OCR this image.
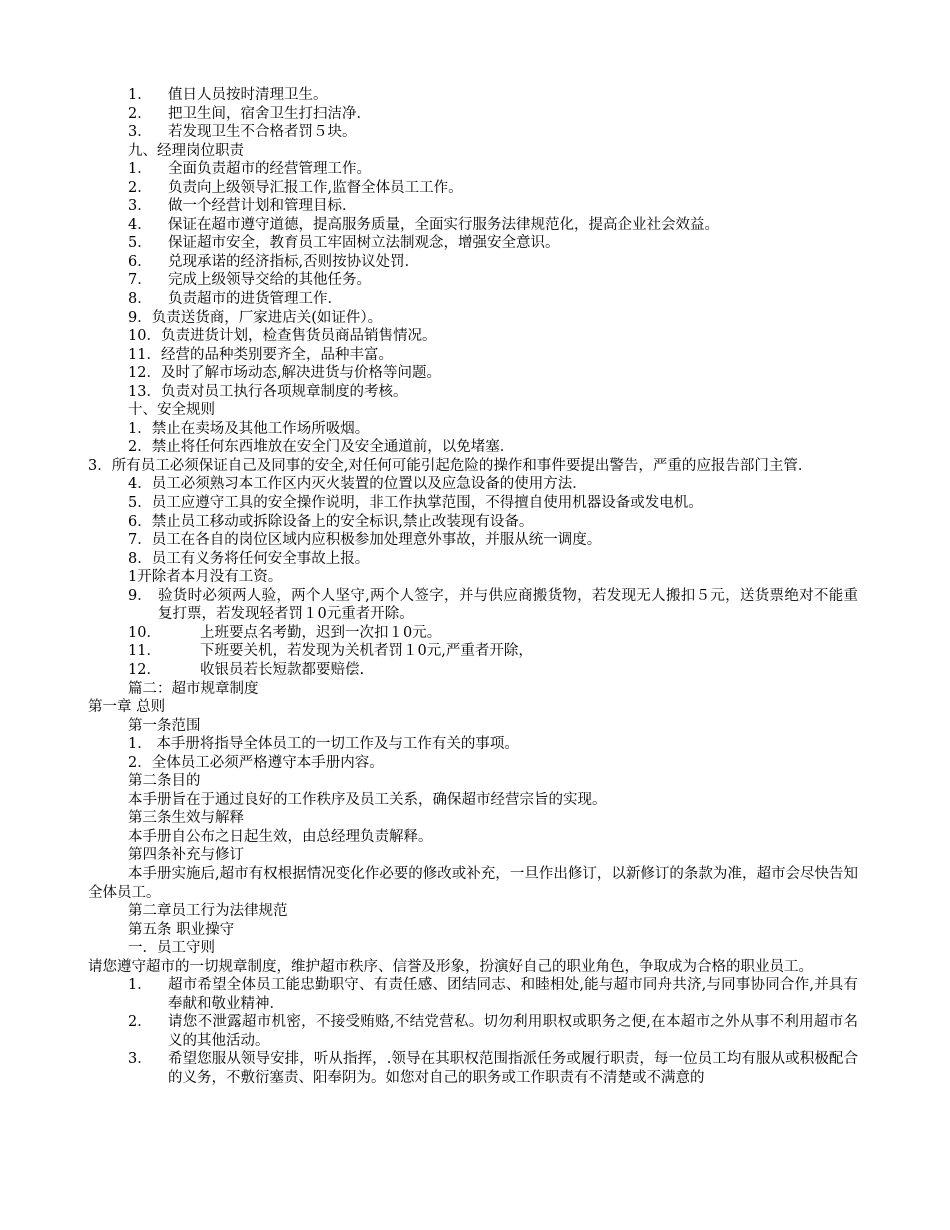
1． 值日人员按时清理卫生。
2． 把卫生间，宿舍卫生打扫洁净．
3． 若发现卫生不合格者罚５块。
九、经理岗位职责
1． 全面负责超市的经营管理工作。
2． 负责向上级领导汇报工作,监督全体员工工作。
3． 做一个经营计划和管理目标．
4． 保证在超市遵守道德，提高服务质量，全面实行服务法律规范化，提高企业社会效益。
5． 保证超市安全，教育员工牢固树立法制观念，增强安全意识。
6． 兑现承诺的经济指标,否则按协议处罚．
7． 完成上级领导交给的其他任务。
8． 负责超市的进货管理工作．
9．负责送货商，厂家进店关(如证件）。
10．负责进货计划，检查售货员商品销售情况。
11．经营的品种类别要齐全，品种丰富。
12．及时了解市场动态,解决进货与价格等问题。
13．负责对员工执行各项规章制度的考核。
十、安全规则
1．禁止在卖场及其他工作场所吸烟。
2．禁止将任何东西堆放在安全门及安全通道前，以免堵塞．
3．所有员工必须保证自己及同事的安全,对任何可能引起危险的操作和事件要提出警告，严重的应报告部门主管．
4．员工必须熟习本工作区内灭火装置的位置以及应急设备的使用方法．
5．员工应遵守工具的安全操作说明，非工作执掌范围，不得擅自使用机器设备或发电机。
6．禁止员工移动或拆除设备上的安全标识,禁止改装现有设备。
7．员工在各自的岗位区域内应积极参加处理意外事故，并服从统一调度。
8．员工有义务将任何安全事故上报。
1开除者本月没有工资。
9． 验货时必须两人验，两个人坚守,两个人签字，并与供应商搬货物，若发现无人搬扣５元，送货票绝对不能重复打票，若发现轻者罚１0元重者开除。
10．	上班要点名考勤，迟到一次扣１0元。
11．	下班要关机，若发现为关机者罚１0元,严重者开除，
12．	收银员若长短款都要赔偿.
篇二：超市规章制度
第一章 总则
第一条范围
1． 本手册将指导全体员工的一切工作及与工作有关的事项。
2．全体员工必须严格遵守本手册内容。
第二条目的
本手册旨在于通过良好的工作秩序及员工关系，确保超市经营宗旨的实现。
第三条生效与解释
本手册自公布之日起生效，由总经理负责解释。
第四条补充与修订
本手册实施后,超市有权根据情况变化作必要的修改或补充，一旦作出修订，以新修订的条款为准，超市会尽快告知全体员工。
第二章员工行为法律规范
第五条 职业操守
一．员工守则
请您遵守超市的一切规章制度，维护超市秩序、信誉及形象，扮演好自己的职业角色，争取成为合格的职业员工。
1． 超市希望全体员工能忠勤职守、有责任感、团结同志、和睦相处,能与超市同舟共济,与同事协同合作,并具有奉献和敬业精神．
2． 请您不泄露超市机密，不接受贿赂,不结党营私。切勿利用职权或职务之便,在本超市之外从事不利用超市名义的其他活动。
3． 希望您服从领导安排，听从指挥，.领导在其职权范围指派任务或履行职责，每一位员工均有服从或积极配合的义务，不敷衍塞责、阳奉阴为。如您对自己的职务或工作职责有不清楚或不满意的
